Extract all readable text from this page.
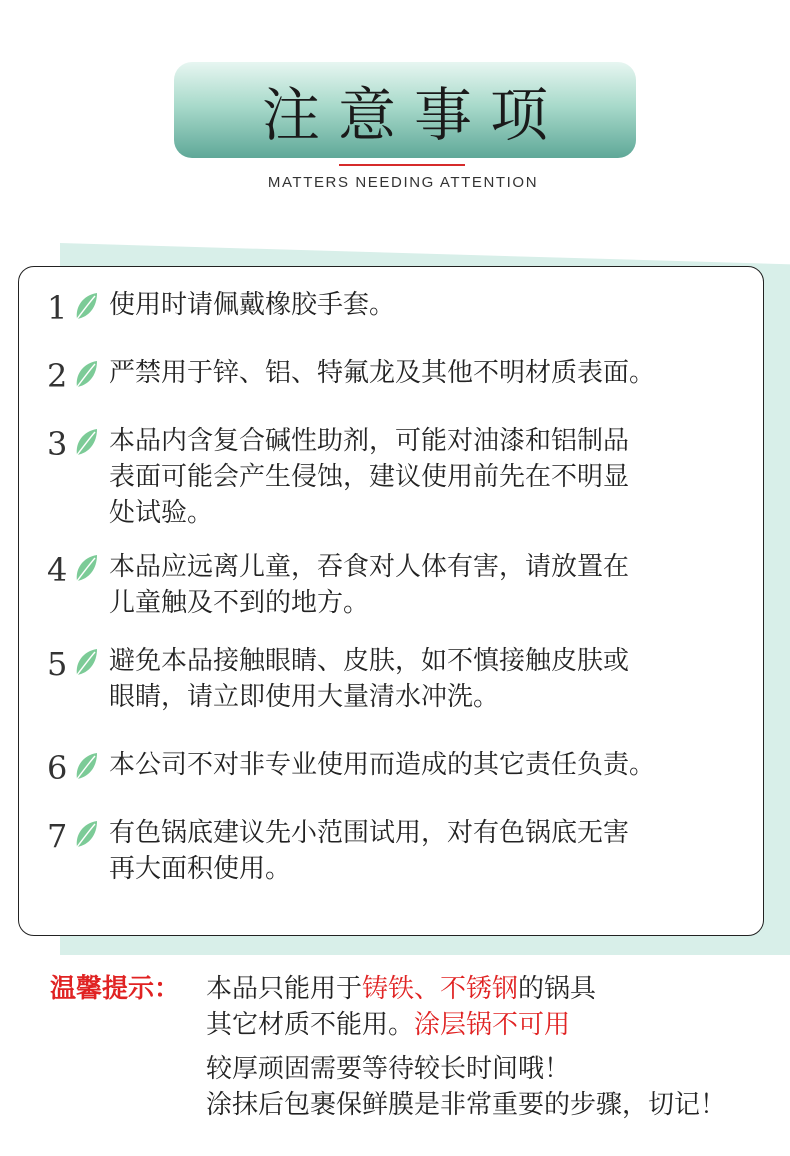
注意事项
MATTERS NEEDING ATTENTION
1 使用时请佩戴橡胶手套。
2 严禁用于锌、铝、特氟龙及其他不明材质表面。
3 本品内含复合碱性助剂，可能对油漆和铝制品
表面可能会产生侵蚀，建议使用前先在不明显
处试验。
4 本品应远离儿童，吞食对人体有害，请放置在
儿童触及不到的地方。
5 避免本品接触眼睛、皮肤，如不慎接触皮肤或
眼睛，请立即使用大量清水冲洗。
6 本公司不对非专业使用而造成的其它责任负责。
7 有色锅底建议先小范围试用，对有色锅底无害
再大面积使用。
温馨提示： 本品只能用于铸铁、不锈钢的锅具
其它材质不能用。涂层锅不可用
较厚顽固需要等待较长时间哦！
涂抹后包裹保鲜膜是非常重要的步骤，切记！
